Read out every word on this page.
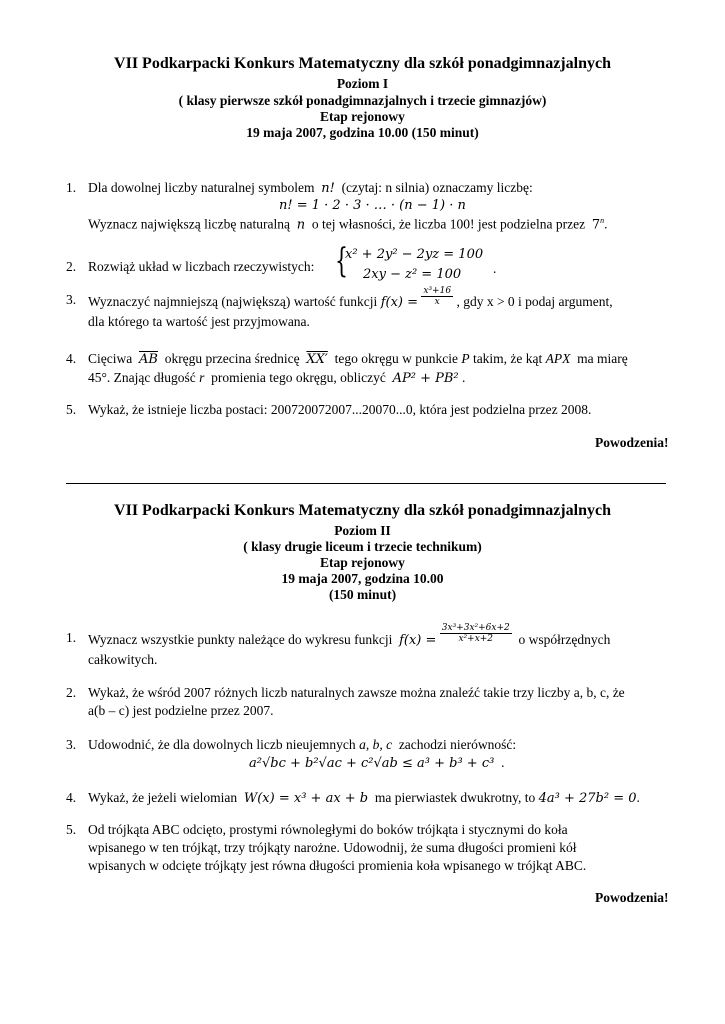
VII Podkarpacki Konkurs Matematyczny dla szkół ponadgimnazjalnych
Poziom I
( klasy pierwsze szkół ponadgimnazjalnych i trzecie gimnazjów)
Etap rejonowy
19 maja 2007, godzina 10.00 (150 minut)
1. Dla dowolnej liczby naturalnej symbolem n! (czytaj: n silnia) oznaczamy liczbę:
n! = 1 · 2 · 3 · … · (n − 1) · n
Wyznacz największą liczbę naturalną n o tej własności, że liczba 100! jest podzielna przez 7$^n$.
2. Rozwiąż układ w liczbach rzeczywistych: {
x² + 2y² − 2yz = 100
2xy − z² = 100 .
3. Wyznaczyć najmniejszą (największą) wartość funkcji $f(x) = \frac{\text{x³+16}}{x}$ , gdy x > 0 i podaj argument,
dla którego ta wartość jest przyjmowana.
4. Cięciwa $\overline{AB}$ okręgu przecina średnicę XX′ tego okręgu w punkcie P takim, że kąt APX ma miarę
45°. Znając długość r promienia tego okręgu, obliczyć AP² + PB² .
5. Wykaż, że istnieje liczba postaci: 200720072007...20070...0, która jest podzielna przez 2008.
Powodzenia!
VII Podkarpacki Konkurs Matematyczny dla szkół ponadgimnazjalnych
Poziom II
( klasy drugie liceum i trzecie technikum)
Etap rejonowy
19 maja 2007, godzina 10.00
(150 minut)
1. Wyznacz wszystkie punkty należące do wykresu funkcji $f(x) = \frac{\text{3x³+3x²+6x+2}}{\text{x²+x+2}}$ o współrzędnych
całkowitych.
2. Wykaż, że wśród 2007 różnych liczb naturalnych zawsze można znaleźć takie trzy liczby a, b, c, że
a(b – c) jest podzielne przez 2007.
3. Udowodnić, że dla dowolnych liczb nieujemnych a, b, c zachodzi nierówność:
a²√bc + b²√ac + c²√ab ≤ a³ + b³ + c³ .
4. Wykaż, że jeżeli wielomian W(x) = x³ + ax + b ma pierwiastek dwukrotny, to 4a³ + 27b² = 0.
5. Od trójkąta ABC odcięto, prostymi równoległymi do boków trójkąta i stycznymi do koła
wpisanego w ten trójkąt, trzy trójkąty narożne. Udowodnij, że suma długości promieni kół
wpisanych w odcięte trójkąty jest równa długości promienia koła wpisanego w trójkąt ABC.
Powodzenia!
